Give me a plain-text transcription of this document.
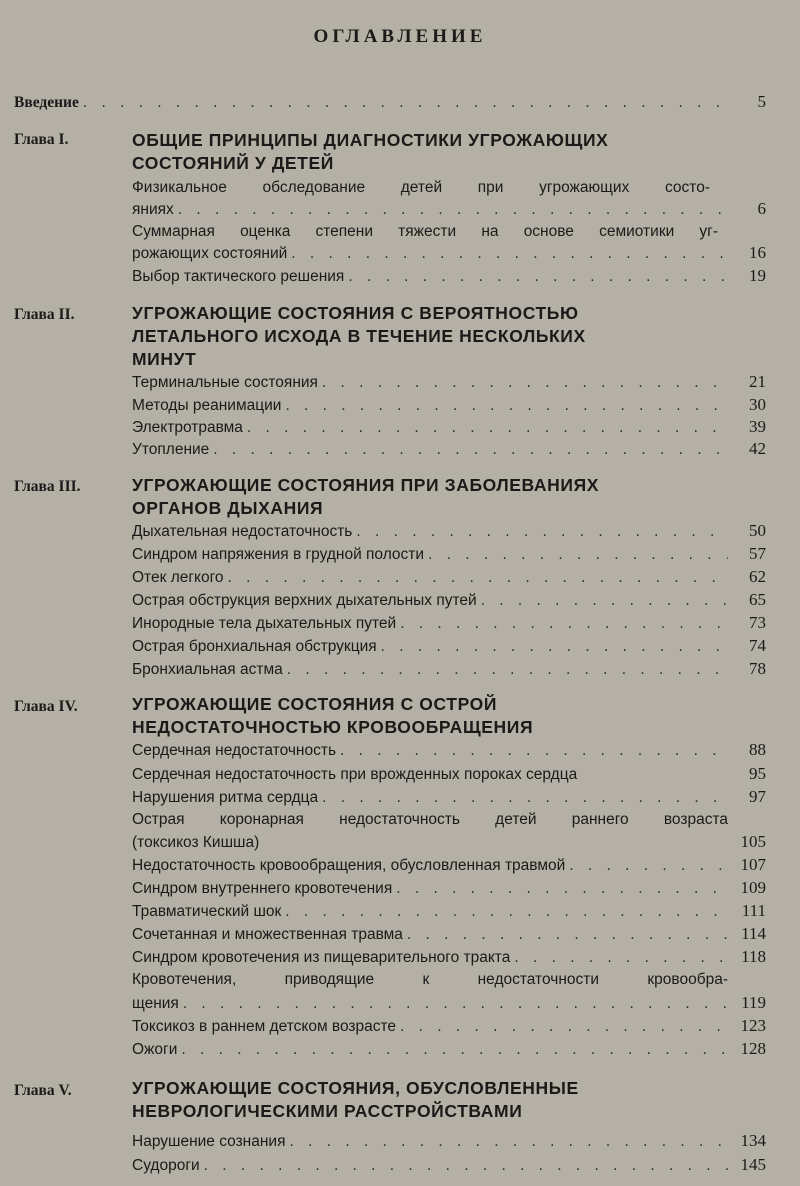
ОГЛАВЛЕНИЕ
Введение . . .	5
Глава I.	ОБЩИЕ ПРИНЦИПЫ ДИАГНОСТИКИ УГРОЖАЮЩИХ
СОСТОЯНИЙ У ДЕТЕЙ
Физикальное обследование детей при угрожающих состо-
яниях . . .	6
Суммарная оценка степени тяжести на основе семиотики уг-
рожающих состояний . . .	16
Выбор тактического решения . . .	19
Глава II.	УГРОЖАЮЩИЕ СОСТОЯНИЯ С ВЕРОЯТНОСТЬЮ
ЛЕТАЛЬНОГО ИСХОДА В ТЕЧЕНИЕ НЕСКОЛЬКИХ
МИНУТ
Терминальные состояния . . .	21
Методы реанимации . . .	30
Электротравма . . .	39
Утопление . . .	42
Глава III.	УГРОЖАЮЩИЕ СОСТОЯНИЯ ПРИ ЗАБОЛЕВАНИЯХ
ОРГАНОВ ДЫХАНИЯ
Дыхательная недостаточность . . .	50
Синдром напряжения в грудной полости . . .	57
Отек легкого . . .	62
Острая обструкция верхних дыхательных путей . . .	65
Инородные тела дыхательных путей . . .	73
Острая бронхиальная обструкция . . .	74
Бронхиальная астма . . .	78
Глава IV.	УГРОЖАЮЩИЕ СОСТОЯНИЯ С ОСТРОЙ
НЕДОСТАТОЧНОСТЬЮ КРОВООБРАЩЕНИЯ
Сердечная недостаточность . . .	88
Сердечная недостаточность при врожденных пороках сердца	95
Нарушения ритма сердца . . .	97
Острая коронарная недостаточность детей раннего возраста
(токсикоз Кишша)	105
Недостаточность кровообращения, обусловленная травмой . . .	107
Синдром внутреннего кровотечения . . .	109
Травматический шок . . .	111
Сочетанная и множественная травма . . .	114
Синдром кровотечения из пищеварительного тракта . . .	118
Кровотечения, приводящие к недостаточности кровообра-
щения . . .	119
Токсикоз в раннем детском возрасте . . .	123
Ожоги . . .	128
Глава V.	УГРОЖАЮЩИЕ СОСТОЯНИЯ, ОБУСЛОВЛЕННЫЕ
НЕВРОЛОГИЧЕСКИМИ РАССТРОЙСТВАМИ
Нарушение сознания . . .	134
Судороги . . .	145
